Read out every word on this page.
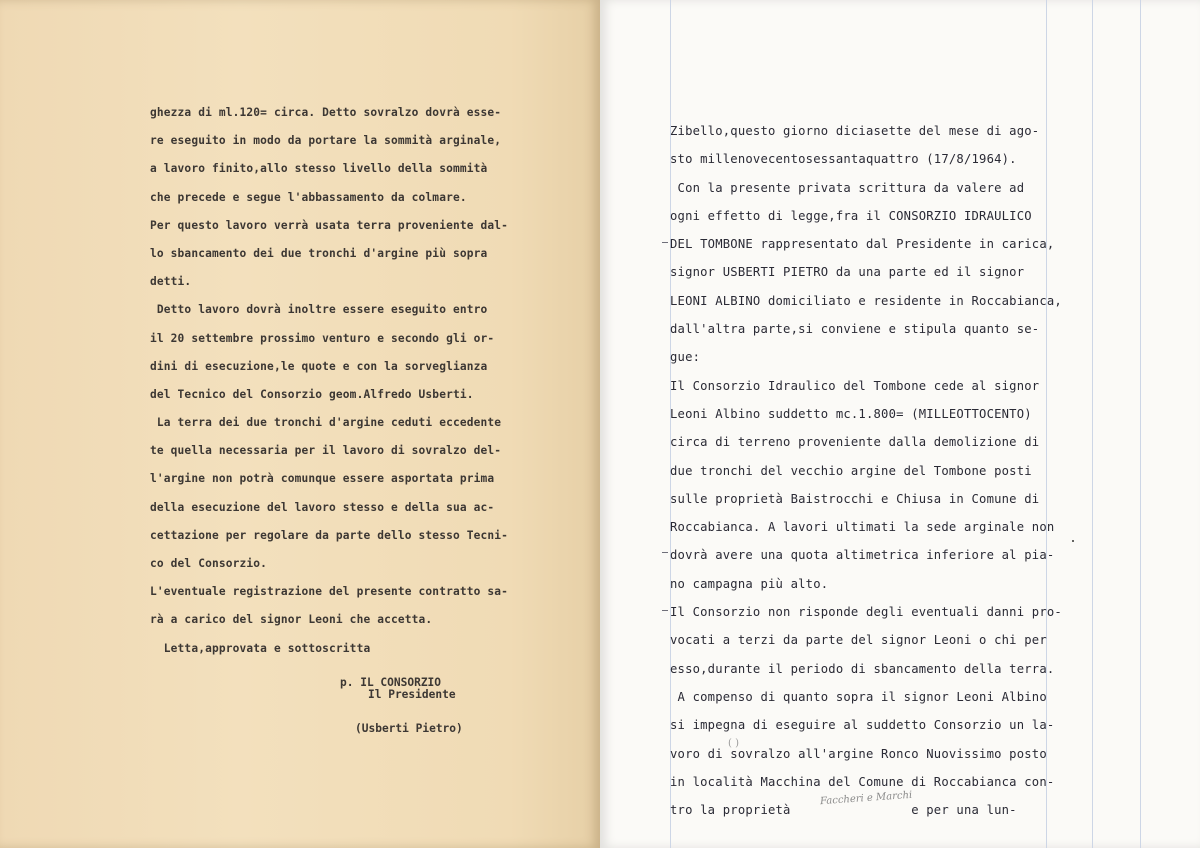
ghezza di ml.120= circa. Detto sovralzo dovrà esse-
re eseguito in modo da portare la sommità arginale,
a lavoro finito,allo stesso livello della sommità
che precede e segue l'abbassamento da colmare.
Per questo lavoro verrà usata terra proveniente dal-
lo sbancamento dei due tronchi d'argine più sopra
detti.
Detto lavoro dovrà inoltre essere eseguito entro
il 20 settembre prossimo venturo e secondo gli or-
dini di esecuzione,le quote e con la sorveglianza
del Tecnico del Consorzio geom.Alfredo Usberti.
La terra dei due tronchi d'argine ceduti eccedente
te quella necessaria per il lavoro di sovralzo del-
l'argine non potrà comunque essere asportata prima
della esecuzione del lavoro stesso e della sua ac-
cettazione per regolare da parte dello stesso Tecni-
co del Consorzio.
L'eventuale registrazione del presente contratto sa-
rà a carico del signor Leoni che accetta.
Letta,approvata e sottoscritta
p. IL CONSORZIO
Il Presidente
(Usberti Pietro)
Zibello,questo giorno diciasette del mese di ago-
sto millenovecentosessantaquattro (17/8/1964).
Con la presente privata scrittura da valere ad
ogni effetto di legge,fra il CONSORZIO IDRAULICO
DEL TOMBONE rappresentato dal Presidente in carica,
signor USBERTI PIETRO da una parte ed il signor
LEONI ALBINO domiciliato e residente in Roccabianca,
dall'altra parte,si conviene e stipula quanto se-
gue:
Il Consorzio Idraulico del Tombone cede al signor
Leoni Albino suddetto mc.1.800= (MILLEOTTOCENTO)
circa di terreno proveniente dalla demolizione di
due tronchi del vecchio argine del Tombone posti
sulle proprietà Baistrocchi e Chiusa in Comune di
Roccabianca. A lavori ultimati la sede arginale non
dovrà avere una quota altimetrica inferiore al pia-
no campagna più alto.
Il Consorzio non risponde degli eventuali danni pro-
vocati a terzi da parte del signor Leoni o chi per
esso,durante il periodo di sbancamento della terra.
A compenso di quanto sopra il signor Leoni Albino
si impegna di eseguire al suddetto Consorzio un la-
voro di sovralzo all'argine Ronco Nuovissimo posto
in località Macchina del Comune di Roccabianca con-
tro la proprietà                e per una lun-
( )
Faccheri e Marchi
